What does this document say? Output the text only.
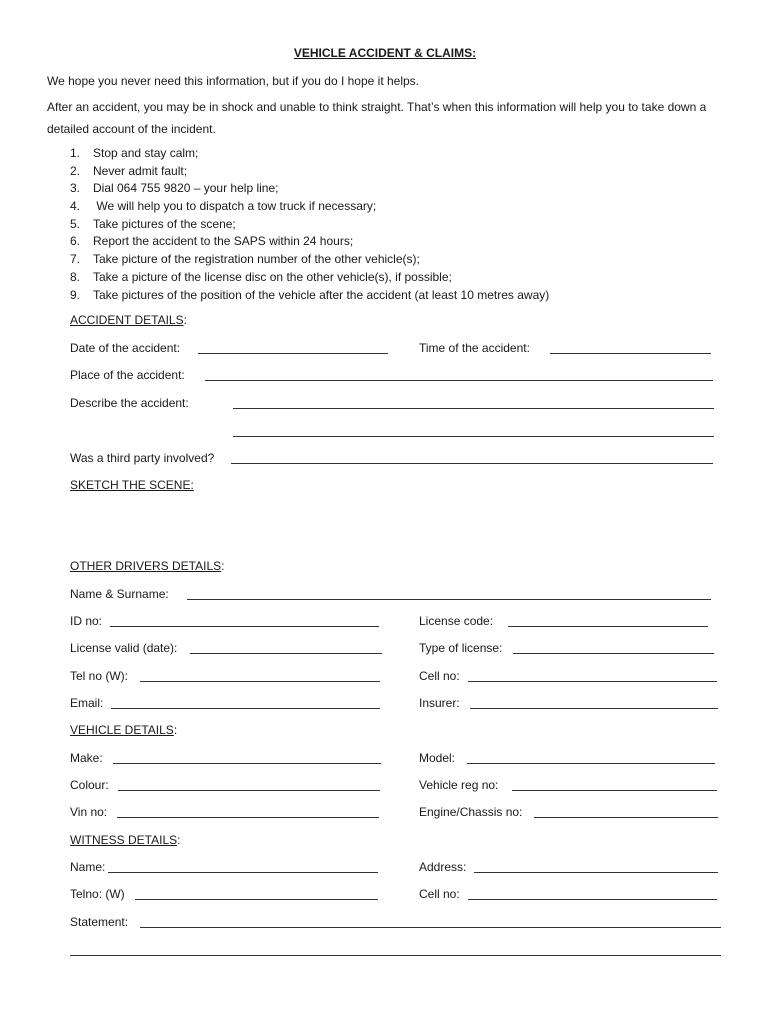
VEHICLE ACCIDENT & CLAIMS:
We hope you never need this information, but if you do I hope it helps.
After an accident, you may be in shock and unable to think straight. That’s when this information will help you to take down a detailed account of the incident.
1. Stop and stay calm;
2. Never admit fault;
3. Dial 064 755 9820 – your help line;
4. We will help you to dispatch a tow truck if necessary;
5. Take pictures of the scene;
6. Report the accident to the SAPS within 24 hours;
7. Take picture of the registration number of the other vehicle(s);
8. Take a picture of the license disc on the other vehicle(s), if possible;
9. Take pictures of the position of the vehicle after the accident (at least 10 metres away)
ACCIDENT DETAILS:
Date of the accident:	Time of the accident:
Place of the accident:
Describe the accident:
Was a third party involved?
SKETCH THE SCENE:
OTHER DRIVERS DETAILS:
Name & Surname:
ID no:	License code:
License valid (date):	Type of license:
Tel no (W):	Cell no:
Email:	Insurer:
VEHICLE DETAILS:
Make:	Model:
Colour:	Vehicle reg no:
Vin no:	Engine/Chassis no:
WITNESS DETAILS:
Name:	Address:
Telno: (W)	Cell no:
Statement:
